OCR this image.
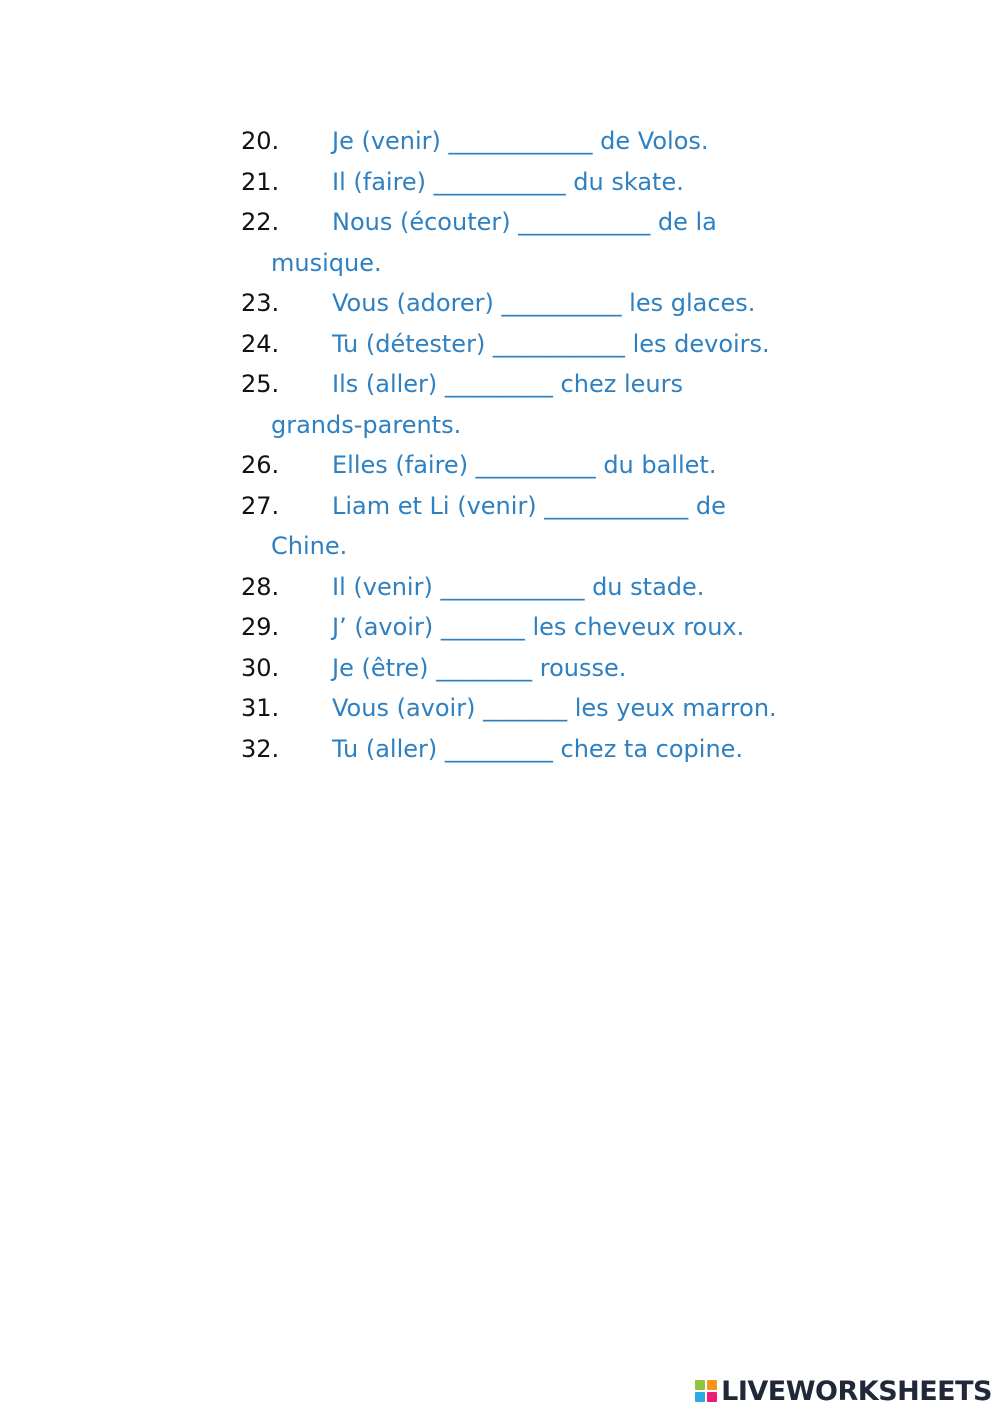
20. Je (venir) ____________ de Volos.
21. Il (faire) ___________ du skate.
22. Nous (écouter) ___________ de la
musique.
23. Vous (adorer) __________ les glaces.
24. Tu (détester) ___________ les devoirs.
25. Ils (aller) _________ chez leurs
grands-parents.
26. Elles (faire) __________ du ballet.
27. Liam et Li (venir) ____________ de
Chine.
28. Il (venir) ____________ du stade.
29. J’ (avoir) _______ les cheveux roux.
30. Je (être) ________ rousse.
31. Vous (avoir) _______ les yeux marron.
32. Tu (aller) _________ chez ta copine.
LIVEWORKSHEETS
